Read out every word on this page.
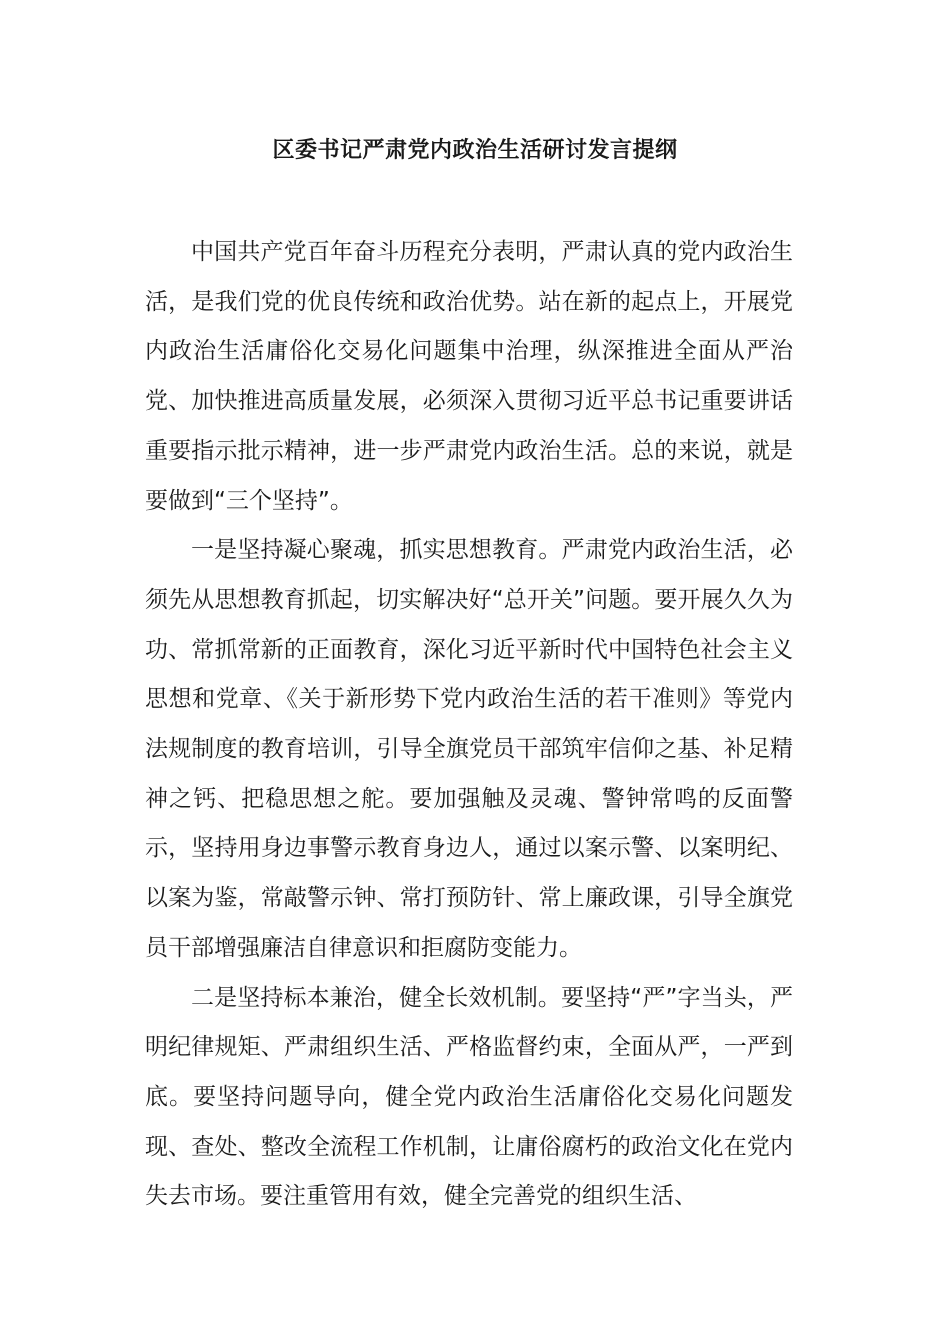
区委书记严肃党内政治生活研讨发言提纲

中国共产党百年奋斗历程充分表明，严肃认真的党内政治生活，是我们党的优良传统和政治优势。站在新的起点上，开展党内政治生活庸俗化交易化问题集中治理，纵深推进全面从严治党、加快推进高质量发展，必须深入贯彻习近平总书记重要讲话重要指示批示精神，进一步严肃党内政治生活。总的来说，就是要做到“三个坚持”。

一是坚持凝心聚魂，抓实思想教育。严肃党内政治生活，必须先从思想教育抓起，切实解决好“总开关”问题。要开展久久为功、常抓常新的正面教育，深化习近平新时代中国特色社会主义思想和党章、《关于新形势下党内政治生活的若干准则》等党内法规制度的教育培训，引导全旗党员干部筑牢信仰之基、补足精神之钙、把稳思想之舵。要加强触及灵魂、警钟常鸣的反面警示，坚持用身边事警示教育身边人，通过以案示警、以案明纪、以案为鉴，常敲警示钟、常打预防针、常上廉政课，引导全旗党员干部增强廉洁自律意识和拒腐防变能力。

二是坚持标本兼治，健全长效机制。要坚持“严”字当头，严明纪律规矩、严肃组织生活、严格监督约束，全面从严，一严到底。要坚持问题导向，健全党内政治生活庸俗化交易化问题发现、查处、整改全流程工作机制，让庸俗腐朽的政治文化在党内失去市场。要注重管用有效，健全完善党的组织生活、
